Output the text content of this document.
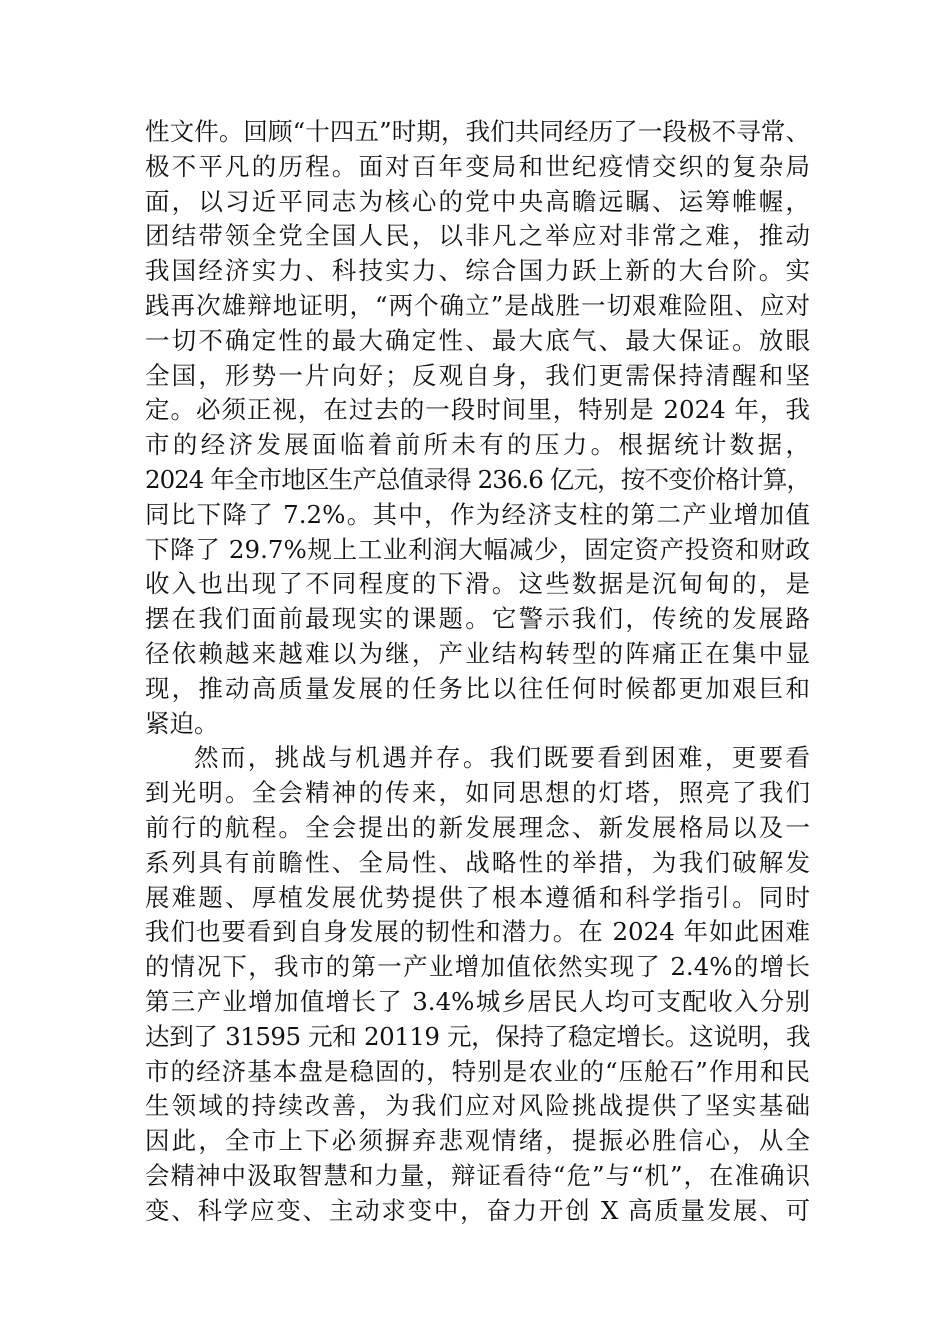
性文件。回顾“十四五”时期，我们共同经历了一段极不寻常、
极不平凡的历程。面对百年变局和世纪疫情交织的复杂局
面，以习近平同志为核心的党中央高瞻远瞩、运筹帷幄，
团结带领全党全国人民，以非凡之举应对非常之难，推动
我国经济实力、科技实力、综合国力跃上新的大台阶。实
践再次雄辩地证明，“两个确立”是战胜一切艰难险阻、应对
一切不确定性的最大确定性、最大底气、最大保证。放眼
全国，形势一片向好；反观自身，我们更需保持清醒和坚
定。必须正视，在过去的一段时间里，特别是 2024 年，我
市的经济发展面临着前所未有的压力。根据统计数据，
2024 年全市地区生产总值录得 236.6 亿元，按不变价格计算，
同比下降了 7.2%。其中，作为经济支柱的第二产业增加值
下降了 29.7%规上工业利润大幅减少，固定资产投资和财政
收入也出现了不同程度的下滑。这些数据是沉甸甸的，是
摆在我们面前最现实的课题。它警示我们，传统的发展路
径依赖越来越难以为继，产业结构转型的阵痛正在集中显
现，推动高质量发展的任务比以往任何时候都更加艰巨和
紧迫。
然而，挑战与机遇并存。我们既要看到困难，更要看
到光明。全会精神的传来，如同思想的灯塔，照亮了我们
前行的航程。全会提出的新发展理念、新发展格局以及一
系列具有前瞻性、全局性、战略性的举措，为我们破解发
展难题、厚植发展优势提供了根本遵循和科学指引。同时
我们也要看到自身发展的韧性和潜力。在 2024 年如此困难
的情况下，我市的第一产业增加值依然实现了 2.4%的增长
第三产业增加值增长了 3.4%城乡居民人均可支配收入分别
达到了 31595 元和 20119 元，保持了稳定增长。这说明，我
市的经济基本盘是稳固的，特别是农业的“压舱石”作用和民
生领域的持续改善，为我们应对风险挑战提供了坚实基础
因此，全市上下必须摒弃悲观情绪，提振必胜信心，从全
会精神中汲取智慧和力量，辩证看待“危”与“机”，在准确识
变、科学应变、主动求变中，奋力开创 X 高质量发展、可
